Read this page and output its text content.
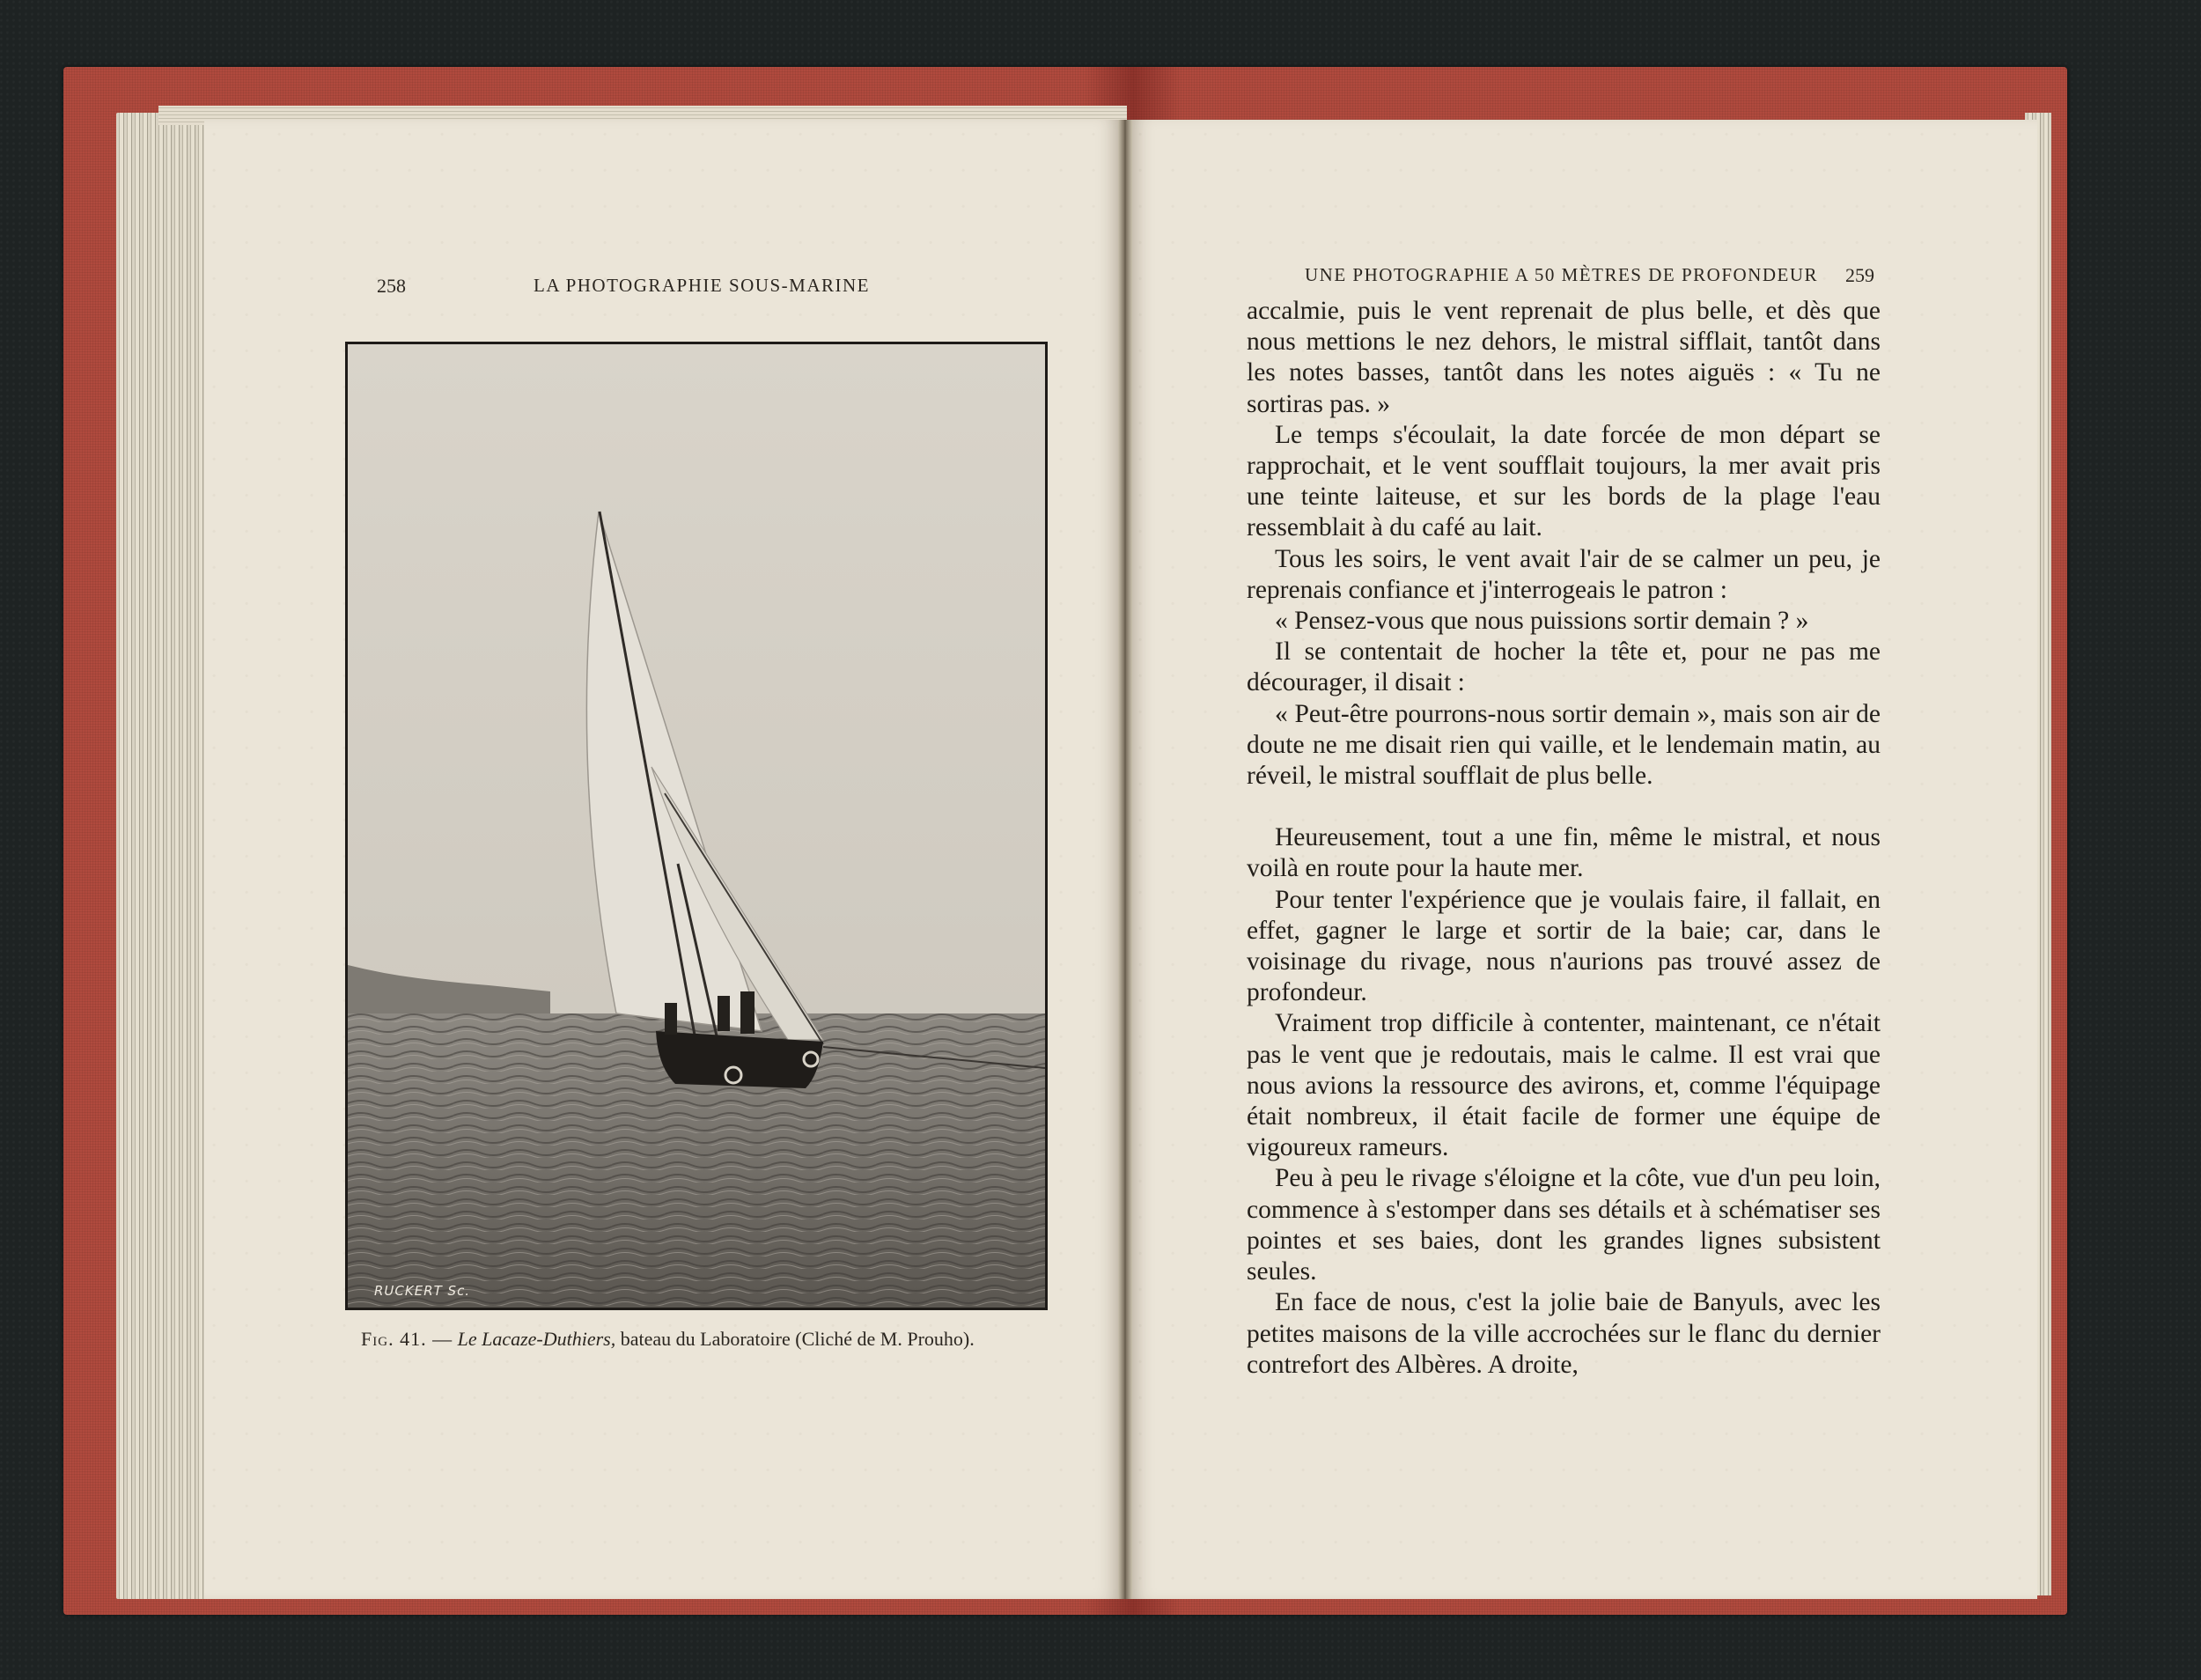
258	LA PHOTOGRAPHIE SOUS-MARINE
RUCKERT Sc.
Fig. 41. — Le Lacaze-Duthiers, bateau du Laboratoire (Cliché de M. Prouho).
UNE PHOTOGRAPHIE A 50 MÈTRES DE PROFONDEUR 259

accalmie, puis le vent reprenait de plus belle, et dès que nous mettions le nez dehors, le mistral sifflait, tantôt dans les notes basses, tantôt dans les notes aiguës : « Tu ne sortiras pas. »

Le temps s'écoulait, la date forcée de mon départ se rapprochait, et le vent soufflait toujours, la mer avait pris une teinte laiteuse, et sur les bords de la plage l'eau ressemblait à du café au lait.

Tous les soirs, le vent avait l'air de se calmer un peu, je reprenais confiance et j'interrogeais le patron :

« Pensez-vous que nous puissions sortir demain ? »

Il se contentait de hocher la tête et, pour ne pas me décourager, il disait :

« Peut-être pourrons-nous sortir demain », mais son air de doute ne me disait rien qui vaille, et le lendemain matin, au réveil, le mistral soufflait de plus belle.

Heureusement, tout a une fin, même le mistral, et nous voilà en route pour la haute mer.

Pour tenter l'expérience que je voulais faire, il fallait, en effet, gagner le large et sortir de la baie; car, dans le voisinage du rivage, nous n'aurions pas trouvé assez de profondeur.

Vraiment trop difficile à contenter, maintenant, ce n'était pas le vent que je redoutais, mais le calme. Il est vrai que nous avions la ressource des avirons, et, comme l'équipage était nombreux, il était facile de former une équipe de vigoureux rameurs.

Peu à peu le rivage s'éloigne et la côte, vue d'un peu loin, commence à s'estomper dans ses détails et à schématiser ses pointes et ses baies, dont les grandes lignes subsistent seules.

En face de nous, c'est la jolie baie de Banyuls, avec les petites maisons de la ville accrochées sur le flanc du dernier contrefort des Albères. A droite,
